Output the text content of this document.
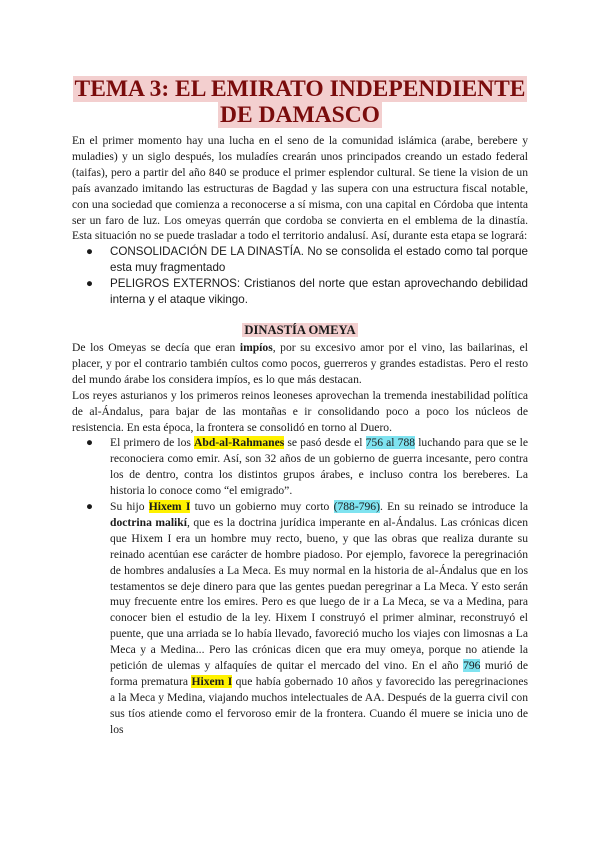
TEMA 3: EL EMIRATO INDEPENDIENTE
DE DAMASCO

En el primer momento hay una lucha en el seno de la comunidad islámica (arabe, berebere y muladies) y un siglo después, los muladíes crearán unos principados creando un estado federal (taifas), pero a partir del año 840 se produce el primer esplendor cultural. Se tiene la vision de un país avanzado imitando las estructuras de Bagdad y las supera con una estructura fiscal notable, con una sociedad que comienza a reconocerse a sí misma, con una capital en Córdoba que intenta ser un faro de luz. Los omeyas querrán que cordoba se convierta en el emblema de la dinastía. Esta situación no se puede trasladar a todo el territorio andalusí. Así, durante esta etapa se logrará:

● CONSOLIDACIÓN DE LA DINASTÍA. No se consolida el estado como tal porque esta muy fragmentado
● PELIGROS EXTERNOS: Cristianos del norte que estan aprovechando debilidad interna y el ataque vikingo.
DINASTÍA OMEYA

De los Omeyas se decía que eran impíos, por su excesivo amor por el vino, las bailarinas, el placer, y por el contrario también cultos como pocos, guerreros y grandes estadistas. Pero el resto del mundo árabe los considera impíos, es lo que más destacan.

Los reyes asturianos y los primeros reinos leoneses aprovechan la tremenda inestabilidad política de al-Ándalus, para bajar de las montañas e ir consolidando poco a poco los núcleos de resistencia. En esta época, la frontera se consolidó en torno al Duero.

● El primero de los Abd-al-Rahmanes se pasó desde el 756 al 788 luchando para que se le reconociera como emir. Así, son 32 años de un gobierno de guerra incesante, pero contra los de dentro, contra los distintos grupos árabes, e incluso contra los bereberes. La historia lo conoce como “el emigrado”.
● Su hijo Hixem I tuvo un gobierno muy corto (788-796). En su reinado se introduce la doctrina malikí, que es la doctrina jurídica imperante en al-Ándalus. Las crónicas dicen que Hixem I era un hombre muy recto, bueno, y que las obras que realiza durante su reinado acentúan ese carácter de hombre piadoso. Por ejemplo, favorece la peregrinación de hombres andalusíes a La Meca. Es muy normal en la historia de al-Ándalus que en los testamentos se deje dinero para que las gentes puedan peregrinar a La Meca. Y esto serán muy frecuente entre los emires. Pero es que luego de ir a La Meca, se va a Medina, para conocer bien el estudio de la ley. Hixem I construyó el primer alminar, reconstruyó el puente, que una arriada se lo había llevado, favoreció mucho los viajes con limosnas a La Meca y a Medina... Pero las crónicas dicen que era muy omeya, porque no atiende la petición de ulemas y alfaquíes de quitar el mercado del vino. En el año 796 murió de forma prematura Hixem I que había gobernado 10 años y favorecido las peregrinaciones a la Meca y Medina, viajando muchos intelectuales de AA. Después de la guerra civil con sus tíos atiende como el fervoroso emir de la frontera. Cuando él muere se inicia uno de los
